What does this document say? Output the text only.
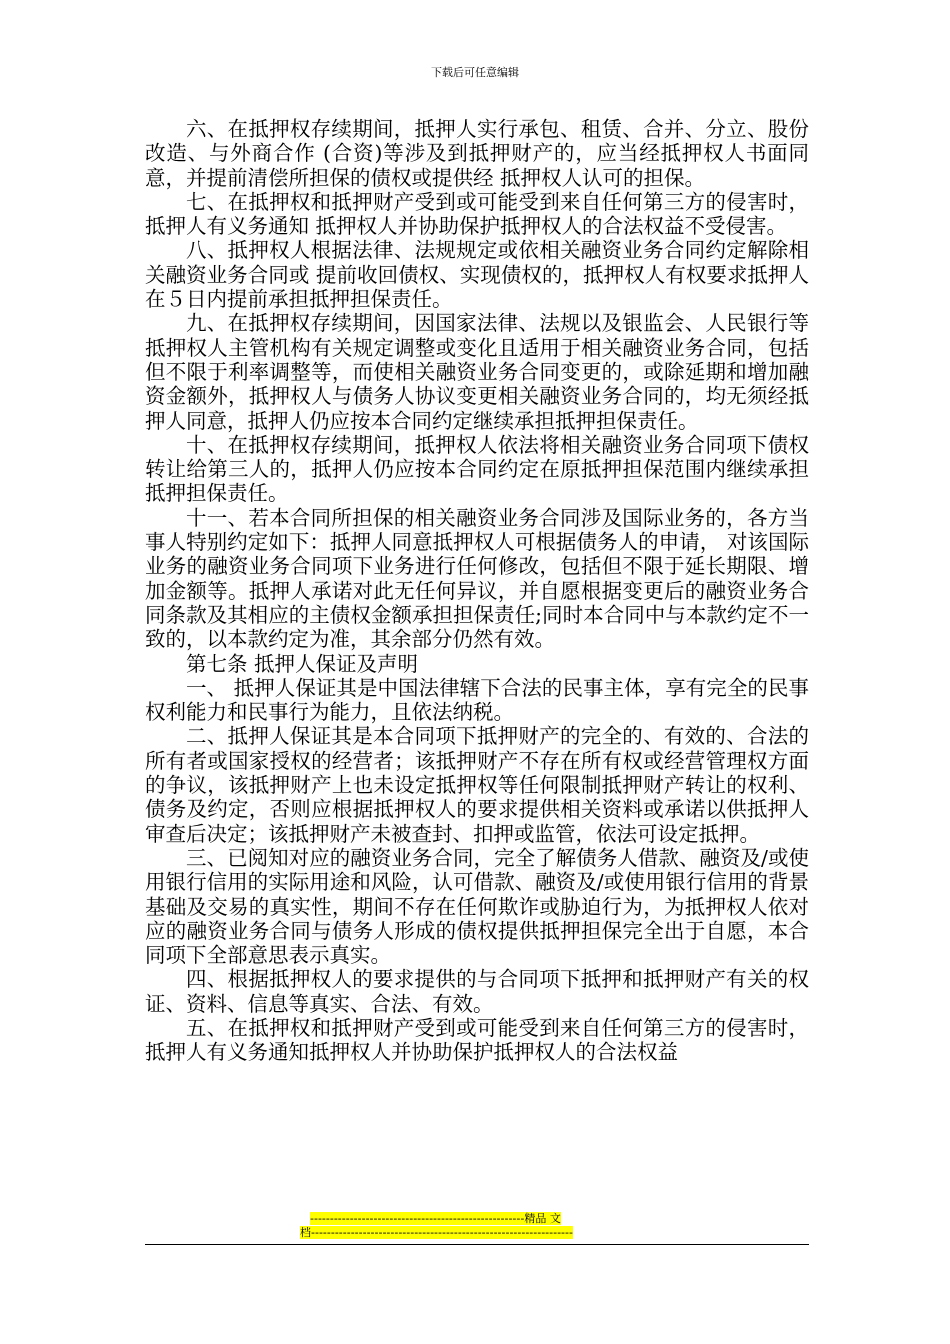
下载后可任意编辑

六、在抵押权存续期间，抵押人实行承包、租赁、合并、分立、股份改造、与外商合作 (合资)等涉及到抵押财产的，应当经抵押权人书面同意，并提前清偿所担保的债权或提供经 抵押权人认可的担保。

七、在抵押权和抵押财产受到或可能受到来自任何第三方的侵害时，抵押人有义务通知 抵押权人并协助保护抵押权人的合法权益不受侵害。

八、抵押权人根据法律、法规规定或依相关融资业务合同约定解除相关融资业务合同或 提前收回债权、实现债权的，抵押权人有权要求抵押人在５日内提前承担抵押担保责任。

九、在抵押权存续期间，因国家法律、法规以及银监会、人民银行等抵押权人主管机构有关规定调整或变化且适用于相关融资业务合同，包括但不限于利率调整等，而使相关融资业务合同变更的，或除延期和增加融资金额外，抵押权人与债务人协议变更相关融资业务合同的，均无须经抵押人同意，抵押人仍应按本合同约定继续承担抵押担保责任。

十、在抵押权存续期间，抵押权人依法将相关融资业务合同项下债权转让给第三人的，抵押人仍应按本合同约定在原抵押担保范围内继续承担抵押担保责任。

十一、若本合同所担保的相关融资业务合同涉及国际业务的，各方当事人特别约定如下：抵押人同意抵押权人可根据债务人的申请， 对该国际业务的融资业务合同项下业务进行任何修改，包括但不限于延长期限、增加金额等。抵押人承诺对此无任何异议，并自愿根据变更后的融资业务合同条款及其相应的主债权金额承担担保责任;同时本合同中与本款约定不一 致的，以本款约定为准，其余部分仍然有效。

第七条 抵押人保证及声明

一、 抵押人保证其是中国法律辖下合法的民事主体，享有完全的民事权利能力和民事行为能力，且依法纳税。

二、抵押人保证其是本合同项下抵押财产的完全的、有效的、合法的所有者或国家授权的经营者；该抵押财产不存在所有权或经营管理权方面的争议，该抵押财产上也未设定抵押权等任何限制抵押财产转让的权利、债务及约定，否则应根据抵押权人的要求提供相关资料或承诺以供抵押人审查后决定；该抵押财产未被查封、扣押或监管，依法可设定抵押。

三、已阅知对应的融资业务合同，完全了解债务人借款、融资及/或使用银行信用的实际用途和风险，认可借款、融资及/或使用银行信用的背景基础及交易的真实性，期间不存在任何欺诈或胁迫行为，为抵押权人依对应的融资业务合同与债务人形成的债权提供抵押担保完全出于自愿，本合同项下全部意思表示真实。

四、根据抵押权人的要求提供的与合同项下抵押和抵押财产有关的权证、资料、信息等真实、合法、有效。

五、在抵押权和抵押财产受到或可能受到来自任何第三方的侵害时，抵押人有义务通知抵押权人并协助保护抵押权人的合法权益

------------------------------------------------------精品 文
档------------------------------------------------------------------
